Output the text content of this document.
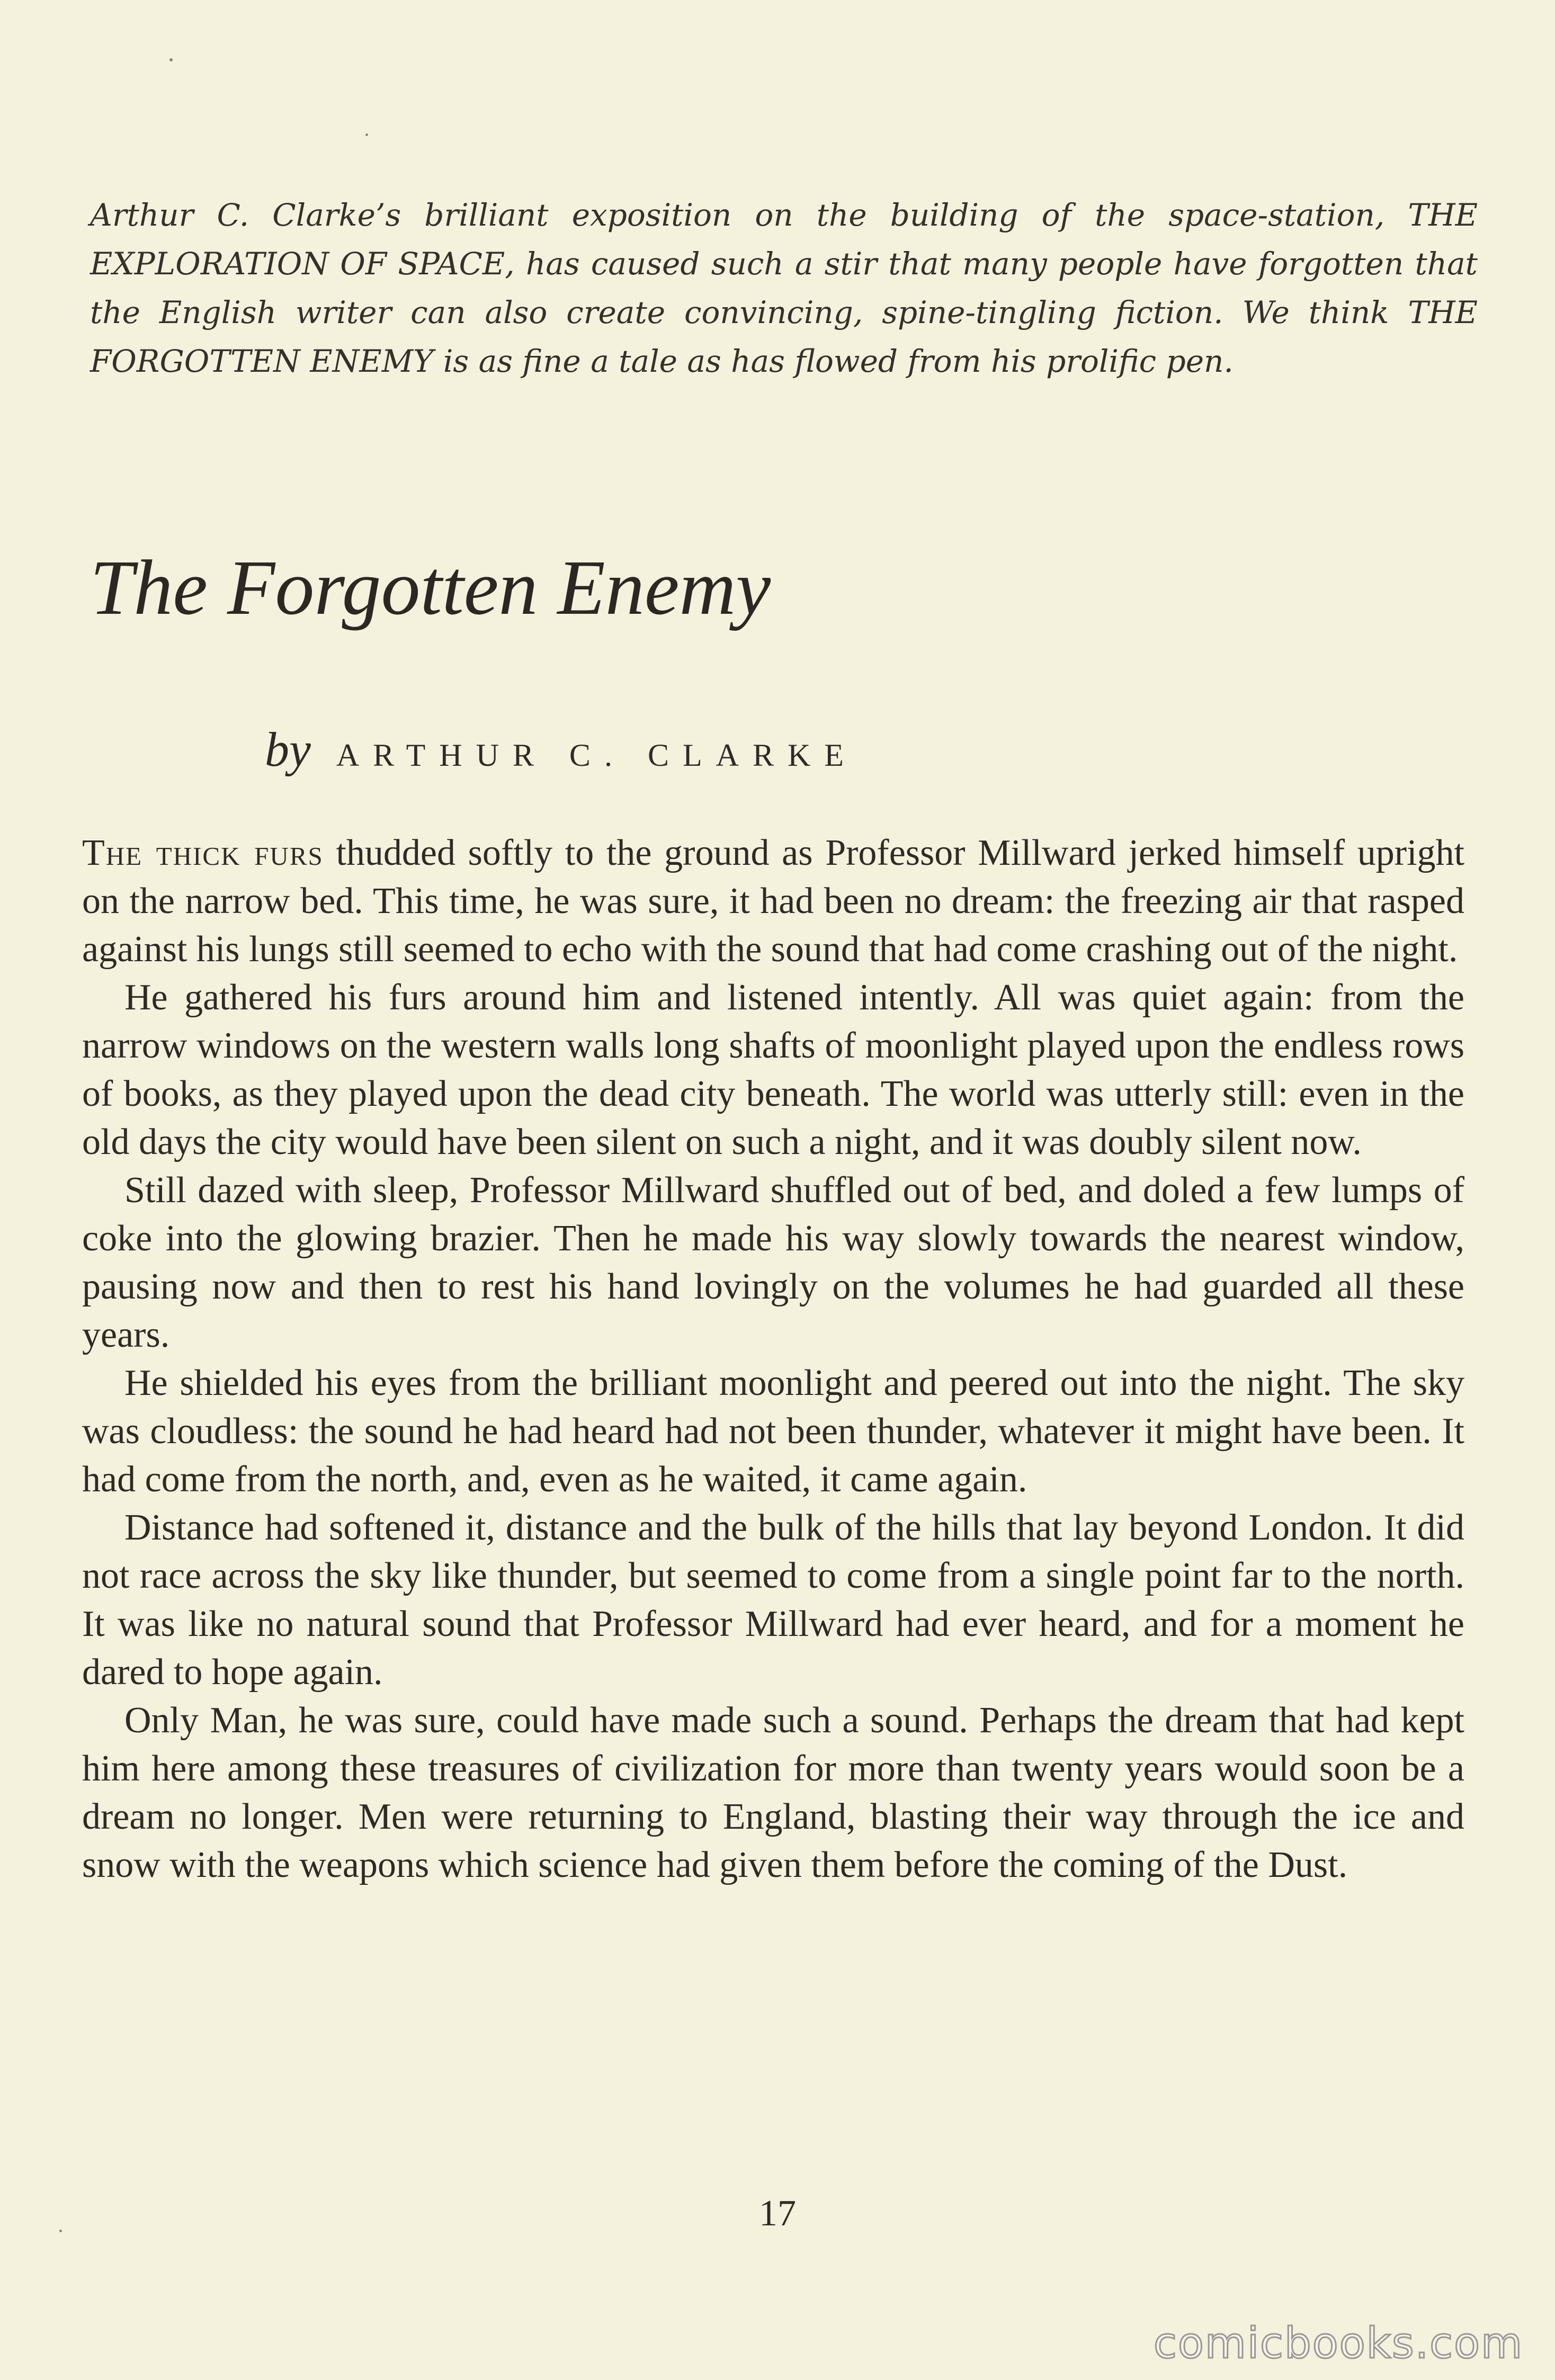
Arthur C. Clarke’s brilliant exposition on the building of the space-station, THE EXPLORATION OF SPACE, has caused such a stir that many people have forgotten that the English writer can also create convincing, spine-tingling fiction. We think THE FORGOTTEN ENEMY is as fine a tale as has flowed from his prolific pen.

The Forgotten Enemy
by ARTHUR C. CLARKE

The thick furs thudded softly to the ground as Professor Millward jerked himself upright on the narrow bed. This time, he was sure, it had been no dream: the freezing air that rasped against his lungs still seemed to echo with the sound that had come crashing out of the night.

He gathered his furs around him and listened intently. All was quiet again: from the narrow windows on the western walls long shafts of moonlight played upon the endless rows of books, as they played upon the dead city beneath. The world was utterly still: even in the old days the city would have been silent on such a night, and it was doubly silent now.

Still dazed with sleep, Professor Millward shuffled out of bed, and doled a few lumps of coke into the glowing brazier. Then he made his way slowly towards the nearest window, pausing now and then to rest his hand lovingly on the volumes he had guarded all these years.

He shielded his eyes from the brilliant moonlight and peered out into the night. The sky was cloudless: the sound he had heard had not been thunder, whatever it might have been. It had come from the north, and, even as he waited, it came again.

Distance had softened it, distance and the bulk of the hills that lay beyond London. It did not race across the sky like thunder, but seemed to come from a single point far to the north. It was like no natural sound that Professor Millward had ever heard, and for a moment he dared to hope again.

Only Man, he was sure, could have made such a sound. Perhaps the dream that had kept him here among these treasures of civilization for more than twenty years would soon be a dream no longer. Men were returning to England, blasting their way through the ice and snow with the weapons which science had given them before the coming of the Dust.

17
comicbooks.com
